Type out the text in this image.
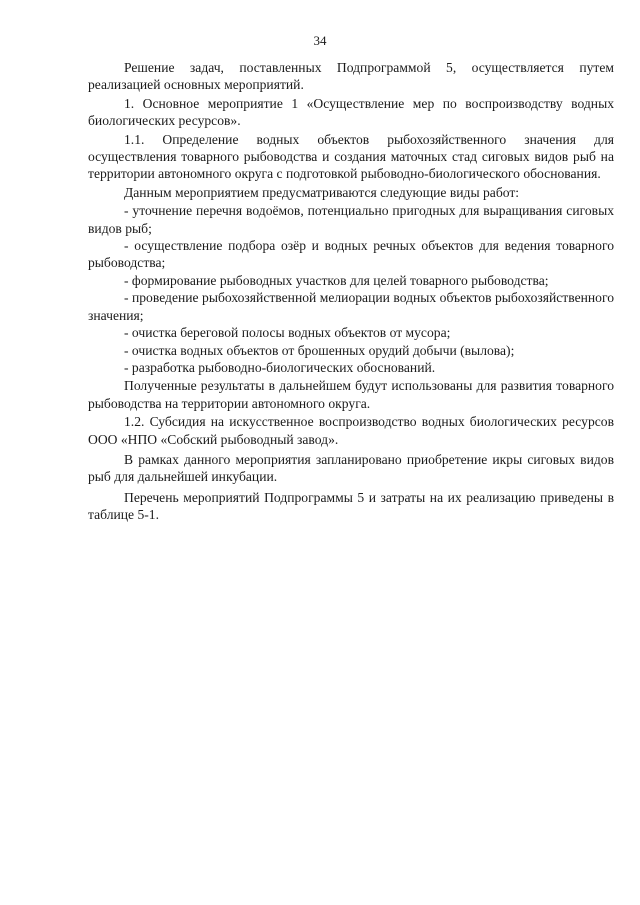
34

Решение задач, поставленных Подпрограммой 5, осуществляется путем реализацией основных мероприятий.

1. Основное мероприятие 1 «Осуществление мер по воспроизводству водных биологических ресурсов».

1.1. Определение водных объектов рыбохозяйственного значения для осуществления товарного рыбоводства и создания маточных стад сиговых видов рыб на территории автономного округа с подготовкой рыбоводно-биологического обоснования.

Данным мероприятием предусматриваются следующие виды работ:

- уточнение перечня водоёмов, потенциально пригодных для выращивания сиговых видов рыб;

- осуществление подбора озёр и водных речных объектов для ведения товарного рыбоводства;

- формирование рыбоводных участков для целей товарного рыбоводства;

- проведение рыбохозяйственной мелиорации водных объектов рыбохозяйственного значения;

- очистка береговой полосы водных объектов от мусора;

- очистка водных объектов от брошенных орудий добычи (вылова);

- разработка рыбоводно-биологических обоснований.

Полученные результаты в дальнейшем будут использованы для развития товарного рыбоводства на территории автономного округа.

1.2. Субсидия на искусственное воспроизводство водных биологических ресурсов ООО «НПО «Собский рыбоводный завод».

В рамках данного мероприятия запланировано приобретение икры сиговых видов рыб для дальнейшей инкубации.

Перечень мероприятий Подпрограммы 5 и затраты на их реализацию приведены в таблице 5-1.
